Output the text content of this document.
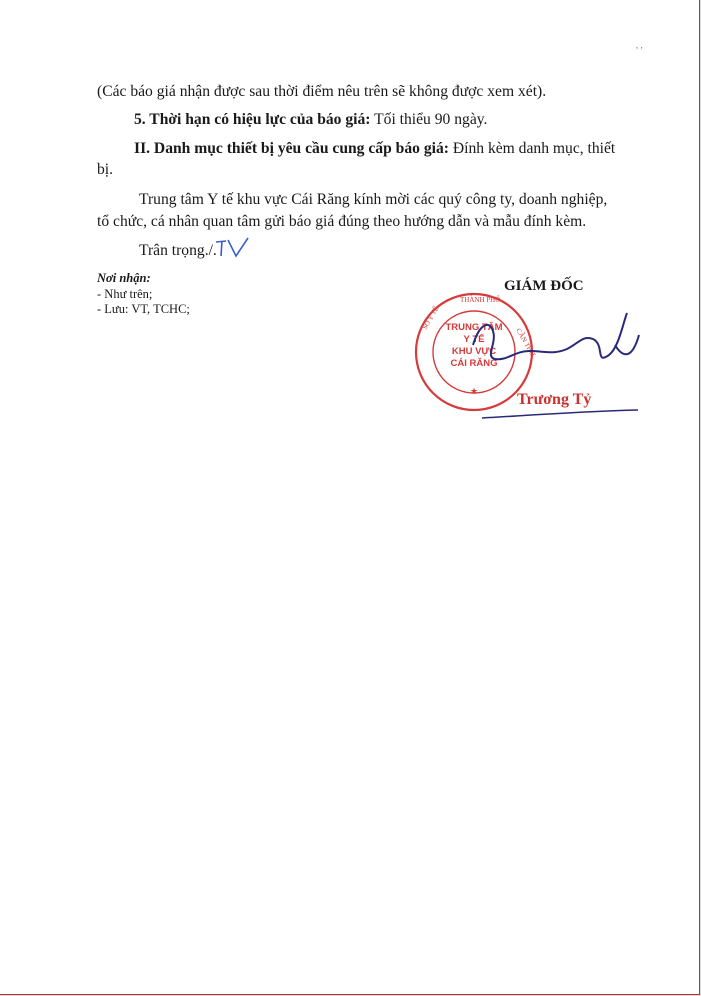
, ,
(Các báo giá nhận được sau thời điểm nêu trên sẽ không được xem xét).
5. Thời hạn có hiệu lực của báo giá: Tối thiểu 90 ngày.
II. Danh mục thiết bị yêu cầu cung cấp báo giá: Đính kèm danh mục, thiết
bị.
Trung tâm Y tế khu vực Cái Răng kính mời các quý công ty, doanh nghiệp,
tổ chức, cá nhân quan tâm gửi báo giá đúng theo hướng dẫn và mẫu đính kèm.
Trân trọng./.
Nơi nhận:
- Như trên;
- Lưu: VT, TCHC;
GIÁM ĐỐC
★
SỞ Y TẾ
THÀNH PHỐ
CẦN THƠ
TRUNG TÂM
Y TẾ
KHU VỰC
CÁI RĂNG
Trương Tỷ
